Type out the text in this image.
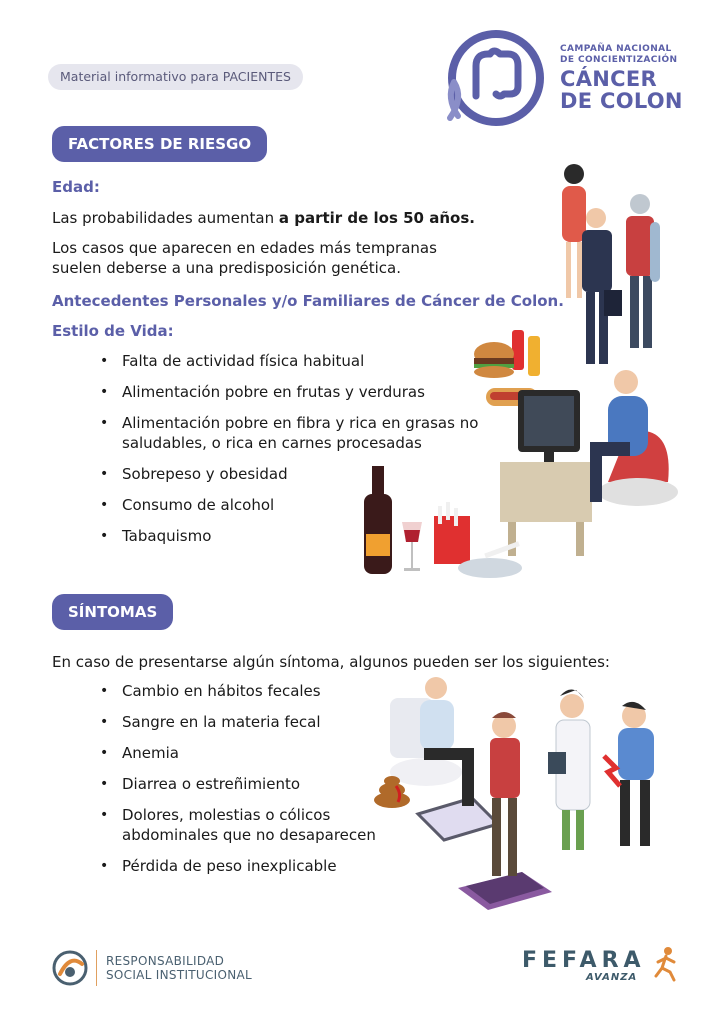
Material informativo para PACIENTES
CAMPAÑA NACIONAL
DE CONCIENTIZACIÓN
CÁNCER
DE COLON
FACTORES DE RIESGO
Edad:
Las probabilidades aumentan a partir de los 50 años.
Los casos que aparecen en edades más tempranas suelen deberse a una predisposición genética.
Antecedentes Personales y/o Familiares de Cáncer de Colon.
Estilo de Vida:
• Falta de actividad física habitual
• Alimentación pobre en frutas y verduras
• Alimentación pobre en fibra y rica en grasas no saludables, o rica en carnes procesadas
• Sobrepeso y obesidad
• Consumo de alcohol
• Tabaquismo
SÍNTOMAS
En caso de presentarse algún síntoma, algunos pueden ser los siguientes:
• Cambio en hábitos fecales
• Sangre en la materia fecal
• Anemia
• Diarrea o estreñimiento
• Dolores, molestias o cólicos abdominales que no desaparecen
• Pérdida de peso inexplicable
RESPONSABILIDAD
SOCIAL INSTITUCIONAL
FEFARA
AVANZA
